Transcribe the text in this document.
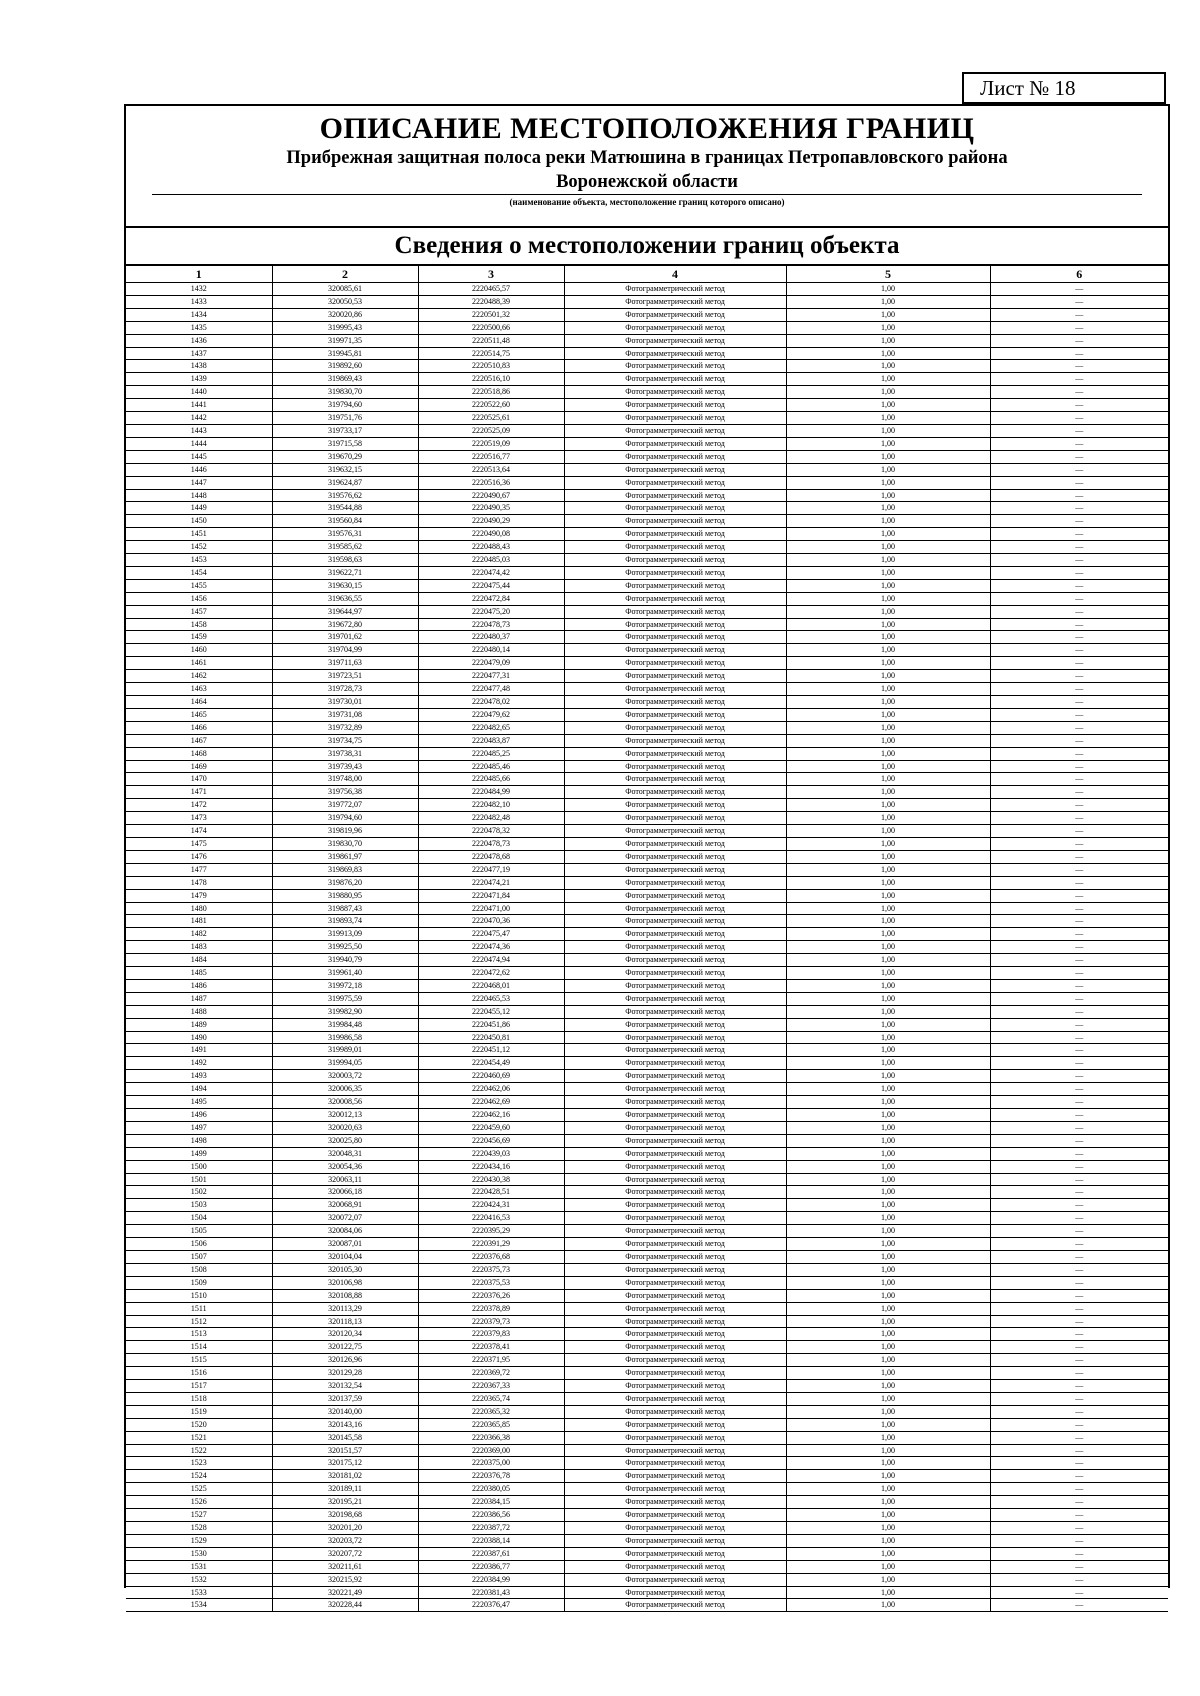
Лист № 18
ОПИСАНИЕ МЕСТОПОЛОЖЕНИЯ ГРАНИЦ
Прибрежная защитная полоса реки Матюшина в границах Петропавловского района
Воронежской области
(наименование объекта, местоположение границ которого описано)
Сведения о местоположении границ объекта
1	2	3	4	5	6
1432	320085,61	2220465,57	Фотограмметрический метод	1,00	—
1433	320050,53	2220488,39	Фотограмметрический метод	1,00	—
1434	320020,86	2220501,32	Фотограмметрический метод	1,00	—
1435	319995,43	2220500,66	Фотограмметрический метод	1,00	—
1436	319971,35	2220511,48	Фотограмметрический метод	1,00	—
1437	319945,81	2220514,75	Фотограмметрический метод	1,00	—
1438	319892,60	2220510,83	Фотограмметрический метод	1,00	—
1439	319869,43	2220516,10	Фотограмметрический метод	1,00	—
1440	319830,70	2220518,86	Фотограмметрический метод	1,00	—
1441	319794,60	2220522,60	Фотограмметрический метод	1,00	—
1442	319751,76	2220525,61	Фотограмметрический метод	1,00	—
1443	319733,17	2220525,09	Фотограмметрический метод	1,00	—
1444	319715,58	2220519,09	Фотограмметрический метод	1,00	—
1445	319670,29	2220516,77	Фотограмметрический метод	1,00	—
1446	319632,15	2220513,64	Фотограмметрический метод	1,00	—
1447	319624,87	2220516,36	Фотограмметрический метод	1,00	—
1448	319576,62	2220490,67	Фотограмметрический метод	1,00	—
1449	319544,88	2220490,35	Фотограмметрический метод	1,00	—
1450	319560,84	2220490,29	Фотограмметрический метод	1,00	—
1451	319576,31	2220490,08	Фотограмметрический метод	1,00	—
1452	319585,62	2220488,43	Фотограмметрический метод	1,00	—
1453	319598,63	2220485,03	Фотограмметрический метод	1,00	—
1454	319622,71	2220474,42	Фотограмметрический метод	1,00	—
1455	319630,15	2220475,44	Фотограмметрический метод	1,00	—
1456	319636,55	2220472,84	Фотограмметрический метод	1,00	—
1457	319644,97	2220475,20	Фотограмметрический метод	1,00	—
1458	319672,80	2220478,73	Фотограмметрический метод	1,00	—
1459	319701,62	2220480,37	Фотограмметрический метод	1,00	—
1460	319704,99	2220480,14	Фотограмметрический метод	1,00	—
1461	319711,63	2220479,09	Фотограмметрический метод	1,00	—
1462	319723,51	2220477,31	Фотограмметрический метод	1,00	—
1463	319728,73	2220477,48	Фотограмметрический метод	1,00	—
1464	319730,01	2220478,02	Фотограмметрический метод	1,00	—
1465	319731,08	2220479,62	Фотограмметрический метод	1,00	—
1466	319732,89	2220482,65	Фотограмметрический метод	1,00	—
1467	319734,75	2220483,87	Фотограмметрический метод	1,00	—
1468	319738,31	2220485,25	Фотограмметрический метод	1,00	—
1469	319739,43	2220485,46	Фотограмметрический метод	1,00	—
1470	319748,00	2220485,66	Фотограмметрический метод	1,00	—
1471	319756,38	2220484,99	Фотограмметрический метод	1,00	—
1472	319772,07	2220482,10	Фотограмметрический метод	1,00	—
1473	319794,60	2220482,48	Фотограмметрический метод	1,00	—
1474	319819,96	2220478,32	Фотограмметрический метод	1,00	—
1475	319830,70	2220478,73	Фотограмметрический метод	1,00	—
1476	319861,97	2220478,68	Фотограмметрический метод	1,00	—
1477	319869,83	2220477,19	Фотограмметрический метод	1,00	—
1478	319876,20	2220474,21	Фотограмметрический метод	1,00	—
1479	319880,95	2220471,84	Фотограмметрический метод	1,00	—
1480	319887,43	2220471,00	Фотограмметрический метод	1,00	—
1481	319893,74	2220470,36	Фотограмметрический метод	1,00	—
1482	319913,09	2220475,47	Фотограмметрический метод	1,00	—
1483	319925,50	2220474,36	Фотограмметрический метод	1,00	—
1484	319940,79	2220474,94	Фотограмметрический метод	1,00	—
1485	319961,40	2220472,62	Фотограмметрический метод	1,00	—
1486	319972,18	2220468,01	Фотограмметрический метод	1,00	—
1487	319975,59	2220465,53	Фотограмметрический метод	1,00	—
1488	319982,90	2220455,12	Фотограмметрический метод	1,00	—
1489	319984,48	2220451,86	Фотограмметрический метод	1,00	—
1490	319986,58	2220450,81	Фотограмметрический метод	1,00	—
1491	319989,01	2220451,12	Фотограмметрический метод	1,00	—
1492	319994,05	2220454,49	Фотограмметрический метод	1,00	—
1493	320003,72	2220460,69	Фотограмметрический метод	1,00	—
1494	320006,35	2220462,06	Фотограмметрический метод	1,00	—
1495	320008,56	2220462,69	Фотограмметрический метод	1,00	—
1496	320012,13	2220462,16	Фотограмметрический метод	1,00	—
1497	320020,63	2220459,60	Фотограмметрический метод	1,00	—
1498	320025,80	2220456,69	Фотограмметрический метод	1,00	—
1499	320048,31	2220439,03	Фотограмметрический метод	1,00	—
1500	320054,36	2220434,16	Фотограмметрический метод	1,00	—
1501	320063,11	2220430,38	Фотограмметрический метод	1,00	—
1502	320066,18	2220428,51	Фотограмметрический метод	1,00	—
1503	320068,91	2220424,31	Фотограмметрический метод	1,00	—
1504	320072,07	2220416,53	Фотограмметрический метод	1,00	—
1505	320084,06	2220395,29	Фотограмметрический метод	1,00	—
1506	320087,01	2220391,29	Фотограмметрический метод	1,00	—
1507	320104,04	2220376,68	Фотограмметрический метод	1,00	—
1508	320105,30	2220375,73	Фотограмметрический метод	1,00	—
1509	320106,98	2220375,53	Фотограмметрический метод	1,00	—
1510	320108,88	2220376,26	Фотограмметрический метод	1,00	—
1511	320113,29	2220378,89	Фотограмметрический метод	1,00	—
1512	320118,13	2220379,73	Фотограмметрический метод	1,00	—
1513	320120,34	2220379,83	Фотограмметрический метод	1,00	—
1514	320122,75	2220378,41	Фотограмметрический метод	1,00	—
1515	320126,96	2220371,95	Фотограмметрический метод	1,00	—
1516	320129,28	2220369,72	Фотограмметрический метод	1,00	—
1517	320132,54	2220367,33	Фотограмметрический метод	1,00	—
1518	320137,59	2220365,74	Фотограмметрический метод	1,00	—
1519	320140,00	2220365,32	Фотограмметрический метод	1,00	—
1520	320143,16	2220365,85	Фотограмметрический метод	1,00	—
1521	320145,58	2220366,38	Фотограмметрический метод	1,00	—
1522	320151,57	2220369,00	Фотограмметрический метод	1,00	—
1523	320175,12	2220375,00	Фотограмметрический метод	1,00	—
1524	320181,02	2220376,78	Фотограмметрический метод	1,00	—
1525	320189,11	2220380,05	Фотограмметрический метод	1,00	—
1526	320195,21	2220384,15	Фотограмметрический метод	1,00	—
1527	320198,68	2220386,56	Фотограмметрический метод	1,00	—
1528	320201,20	2220387,72	Фотограмметрический метод	1,00	—
1529	320203,72	2220388,14	Фотограмметрический метод	1,00	—
1530	320207,72	2220387,61	Фотограмметрический метод	1,00	—
1531	320211,61	2220386,77	Фотограмметрический метод	1,00	—
1532	320215,92	2220384,99	Фотограмметрический метод	1,00	—
1533	320221,49	2220381,43	Фотограмметрический метод	1,00	—
1534	320228,44	2220376,47	Фотограмметрический метод	1,00	—
